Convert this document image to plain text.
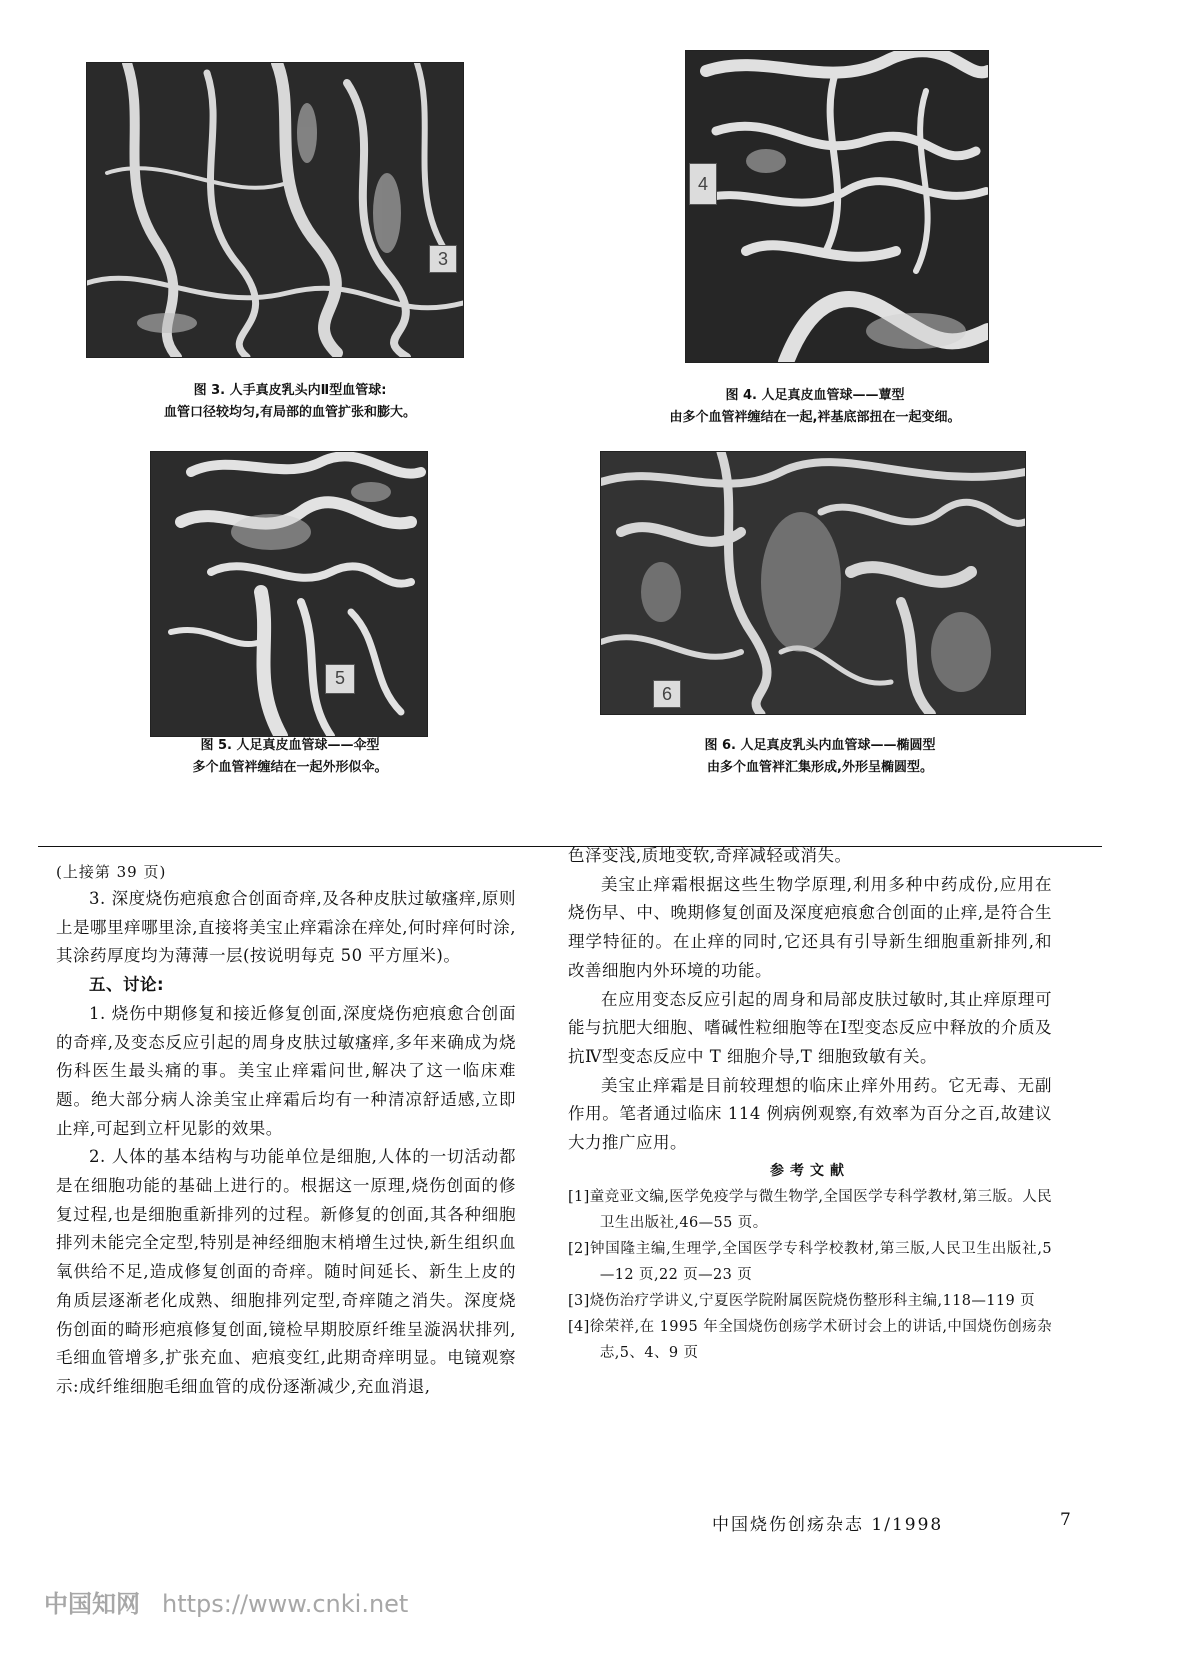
3
图 3. 人手真皮乳头内Ⅱ型血管球:
血管口径较均匀,有局部的血管扩张和膨大。
4
图 4. 人足真皮血管球——蕈型
由多个血管袢缠结在一起,袢基底部扭在一起变细。
5
图 5. 人足真皮血管球——伞型
多个血管袢缠结在一起外形似伞。
6
图 6. 人足真皮乳头内血管球——椭圆型
由多个血管袢汇集形成,外形呈椭圆型。
(上接第 39 页)

3. 深度烧伤疤痕愈合创面奇痒,及各种皮肤过敏瘙痒,原则上是哪里痒哪里涂,直接将美宝止痒霜涂在痒处,何时痒何时涂,其涂药厚度均为薄薄一层(按说明每克 50 平方厘米)。

五、讨论:

1. 烧伤中期修复和接近修复创面,深度烧伤疤痕愈合创面的奇痒,及变态反应引起的周身皮肤过敏瘙痒,多年来确成为烧伤科医生最头痛的事。美宝止痒霜问世,解决了这一临床难题。绝大部分病人涂美宝止痒霜后均有一种清凉舒适感,立即止痒,可起到立杆见影的效果。

2. 人体的基本结构与功能单位是细胞,人体的一切活动都是在细胞功能的基础上进行的。根据这一原理,烧伤创面的修复过程,也是细胞重新排列的过程。新修复的创面,其各种细胞排列未能完全定型,特别是神经细胞末梢增生过快,新生组织血氧供给不足,造成修复创面的奇痒。随时间延长、新生上皮的角质层逐渐老化成熟、细胞排列定型,奇痒随之消失。深度烧伤创面的畸形疤痕修复创面,镜检早期胶原纤维呈漩涡状排列,毛细血管增多,扩张充血、疤痕变红,此期奇痒明显。电镜观察示:成纤维细胞毛细血管的成份逐渐减少,充血消退,

色泽变浅,质地变软,奇痒减轻或消失。

美宝止痒霜根据这些生物学原理,利用多种中药成份,应用在烧伤早、中、晚期修复创面及深度疤痕愈合创面的止痒,是符合生理学特征的。在止痒的同时,它还具有引导新生细胞重新排列,和改善细胞内外环境的功能。

在应用变态反应引起的周身和局部皮肤过敏时,其止痒原理可能与抗肥大细胞、嗜碱性粒细胞等在Ⅰ型变态反应中释放的介质及抗Ⅳ型变态反应中 T 细胞介导,T 细胞致敏有关。

美宝止痒霜是目前较理想的临床止痒外用药。它无毒、无副作用。笔者通过临床 114 例病例观察,有效率为百分之百,故建议大力推广应用。

参考文献
[1]童竞亚文编,医学免疫学与微生物学,全国医学专科学教材,第三版。人民卫生出版社,46—55 页。
[2]钟国隆主编,生理学,全国医学专科学校教材,第三版,人民卫生出版社,5—12 页,22 页—23 页
[3]烧伤治疗学讲义,宁夏医学院附属医院烧伤整形科主编,118—119 页
[4]徐荣祥,在 1995 年全国烧伤创疡学术研讨会上的讲话,中国烧伤创疡杂志,5、4、9 页
中国烧伤创疡杂志 1/1998	7
中国知网 https://www.cnki.net
